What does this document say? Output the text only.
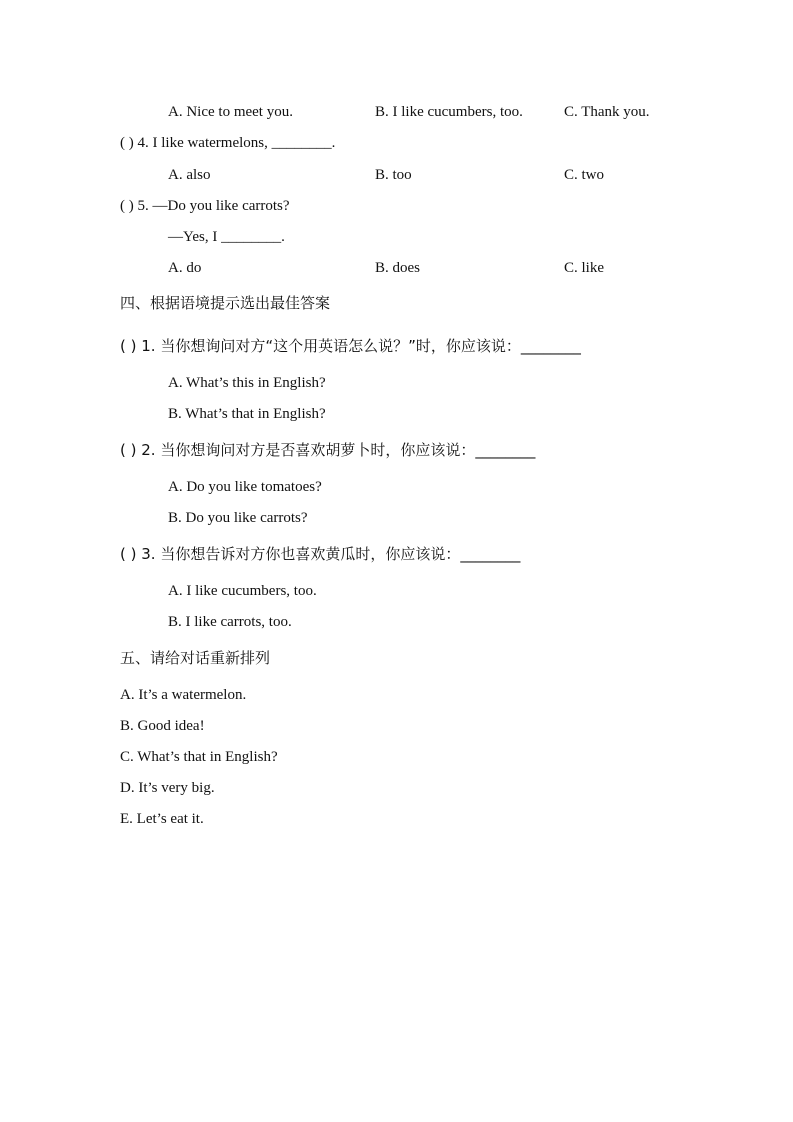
A. Nice to meet you.	B. I like cucumbers, too.	C. Thank you.
( ) 4. I like watermelons, ________.
A. also	B. too	C. two
( ) 5. —Do you like carrots?
—Yes, I ________.
A. do	B. does	C. like
四、根据语境提示选出最佳答案
( ) 1. 当你想询问对方“这个用英语怎么说？”时，你应该说：________
A. What’s this in English?
B. What’s that in English?
( ) 2. 当你想询问对方是否喜欢胡萝卜时，你应该说：________
A. Do you like tomatoes?
B. Do you like carrots?
( ) 3. 当你想告诉对方你也喜欢黄瓜时，你应该说：________
A. I like cucumbers, too.
B. I like carrots, too.
五、请给对话重新排列
A. It’s a watermelon.
B. Good idea!
C. What’s that in English?
D. It’s very big.
E. Let’s eat it.
